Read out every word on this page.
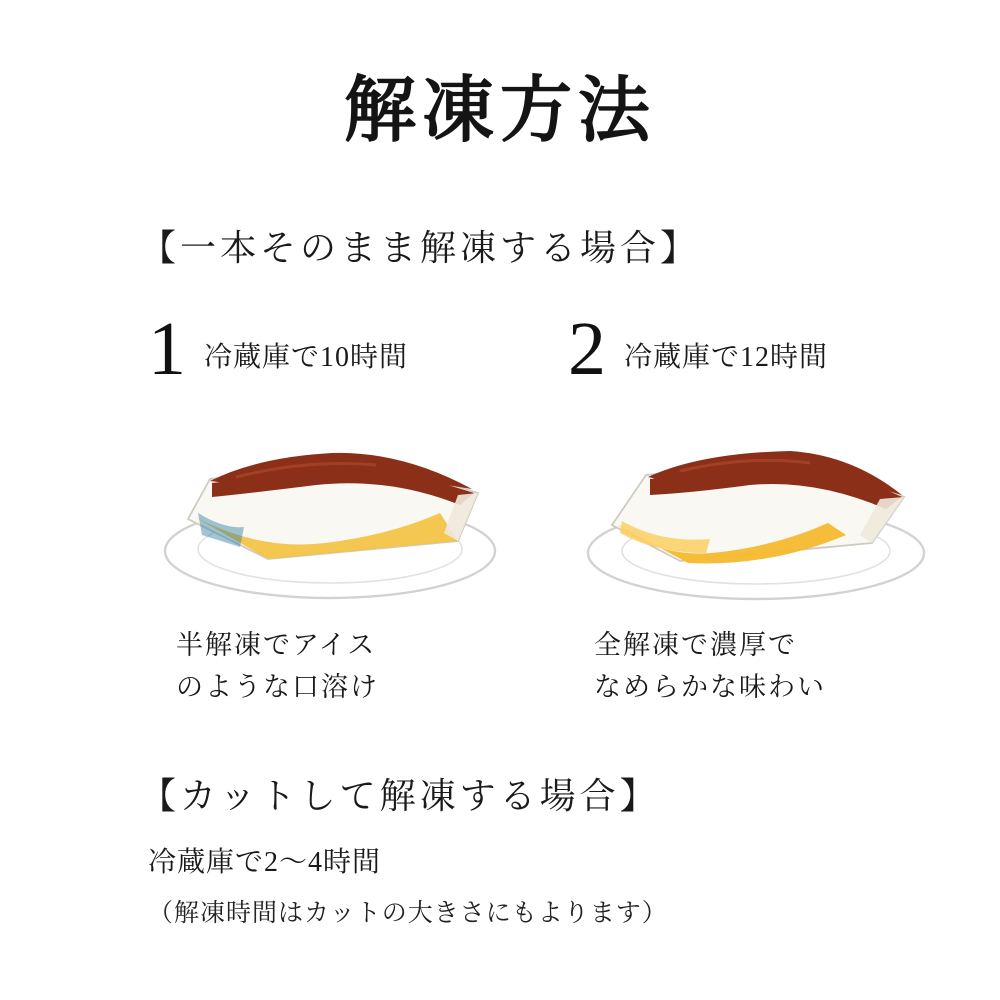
解凍方法
【一本そのまま解凍する場合】
1 冷蔵庫で10時間
半解凍でアイス
のような口溶け
2 冷蔵庫で12時間
全解凍で濃厚で
なめらかな味わい
【カットして解凍する場合】
冷蔵庫で2〜4時間
（解凍時間はカットの大きさにもよります）
